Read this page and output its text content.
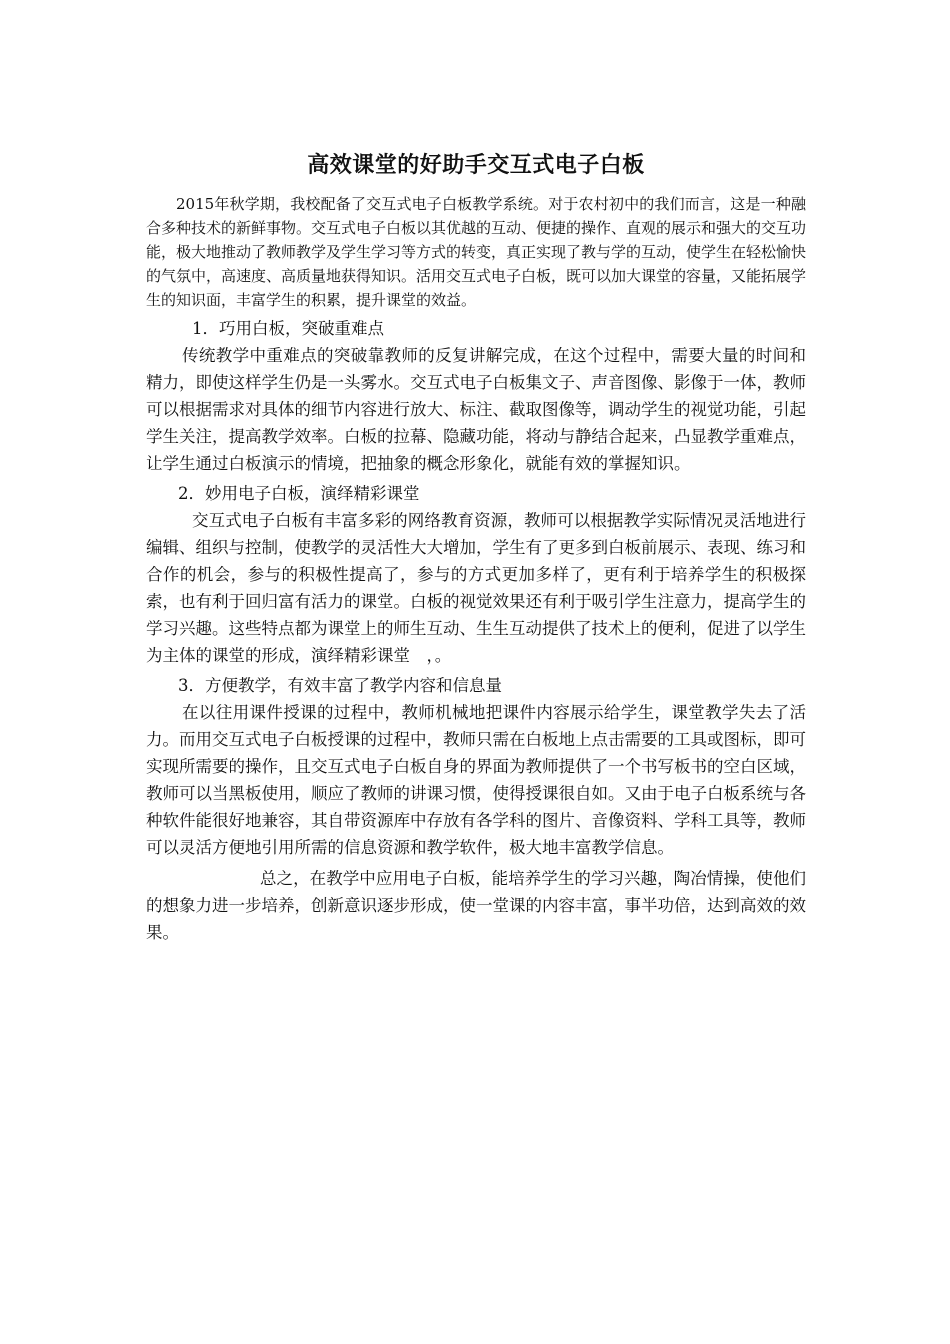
高效课堂的好助手交互式电子白板

2015年秋学期，我校配备了交互式电子白板教学系统。对于农村初中的我们而言，这是一种融合多种技术的新鲜事物。交互式电子白板以其优越的互动、便捷的操作、直观的展示和强大的交互功能，极大地推动了教师教学及学生学习等方式的转变，真正实现了教与学的互动，使学生在轻松愉快的气氛中，高速度、高质量地获得知识。活用交互式电子白板，既可以加大课堂的容量，又能拓展学生的知识面，丰富学生的积累，提升课堂的效益。

1．巧用白板，突破重难点

传统教学中重难点的突破靠教师的反复讲解完成，在这个过程中，需要大量的时间和精力，即使这样学生仍是一头雾水。交互式电子白板集文子、声音图像、影像于一体，教师可以根据需求对具体的细节内容进行放大、标注、截取图像等，调动学生的视觉功能，引起学生关注，提高教学效率。白板的拉幕、隐藏功能，将动与静结合起来，凸显教学重难点，让学生通过白板演示的情境，把抽象的概念形象化，就能有效的掌握知识。

2．妙用电子白板，演绎精彩课堂

交互式电子白板有丰富多彩的网络教育资源，教师可以根据教学实际情况灵活地进行编辑、组织与控制，使教学的灵活性大大增加，学生有了更多到白板前展示、表现、练习和合作的机会，参与的积极性提高了，参与的方式更加多样了，更有利于培养学生的积极探索，也有利于回归富有活力的课堂。白板的视觉效果还有利于吸引学生注意力，提高学生的学习兴趣。这些特点都为课堂上的师生互动、生生互动提供了技术上的便利，促进了以学生为主体的课堂的形成，演绎精彩课堂　，。

3．方便教学，有效丰富了教学内容和信息量

在以往用课件授课的过程中，教师机械地把课件内容展示给学生，课堂教学失去了活力。而用交互式电子白板授课的过程中，教师只需在白板地上点击需要的工具或图标，即可实现所需要的操作，且交互式电子白板自身的界面为教师提供了一个书写板书的空白区域，教师可以当黑板使用，顺应了教师的讲课习惯，使得授课很自如。又由于电子白板系统与各种软件能很好地兼容，其自带资源库中存放有各学科的图片、音像资料、学科工具等，教师可以灵活方便地引用所需的信息资源和教学软件，极大地丰富教学信息。

总之，在教学中应用电子白板，能培养学生的学习兴趣，陶冶情操，使他们的想象力进一步培养，创新意识逐步形成，使一堂课的内容丰富，事半功倍，达到高效的效果。
